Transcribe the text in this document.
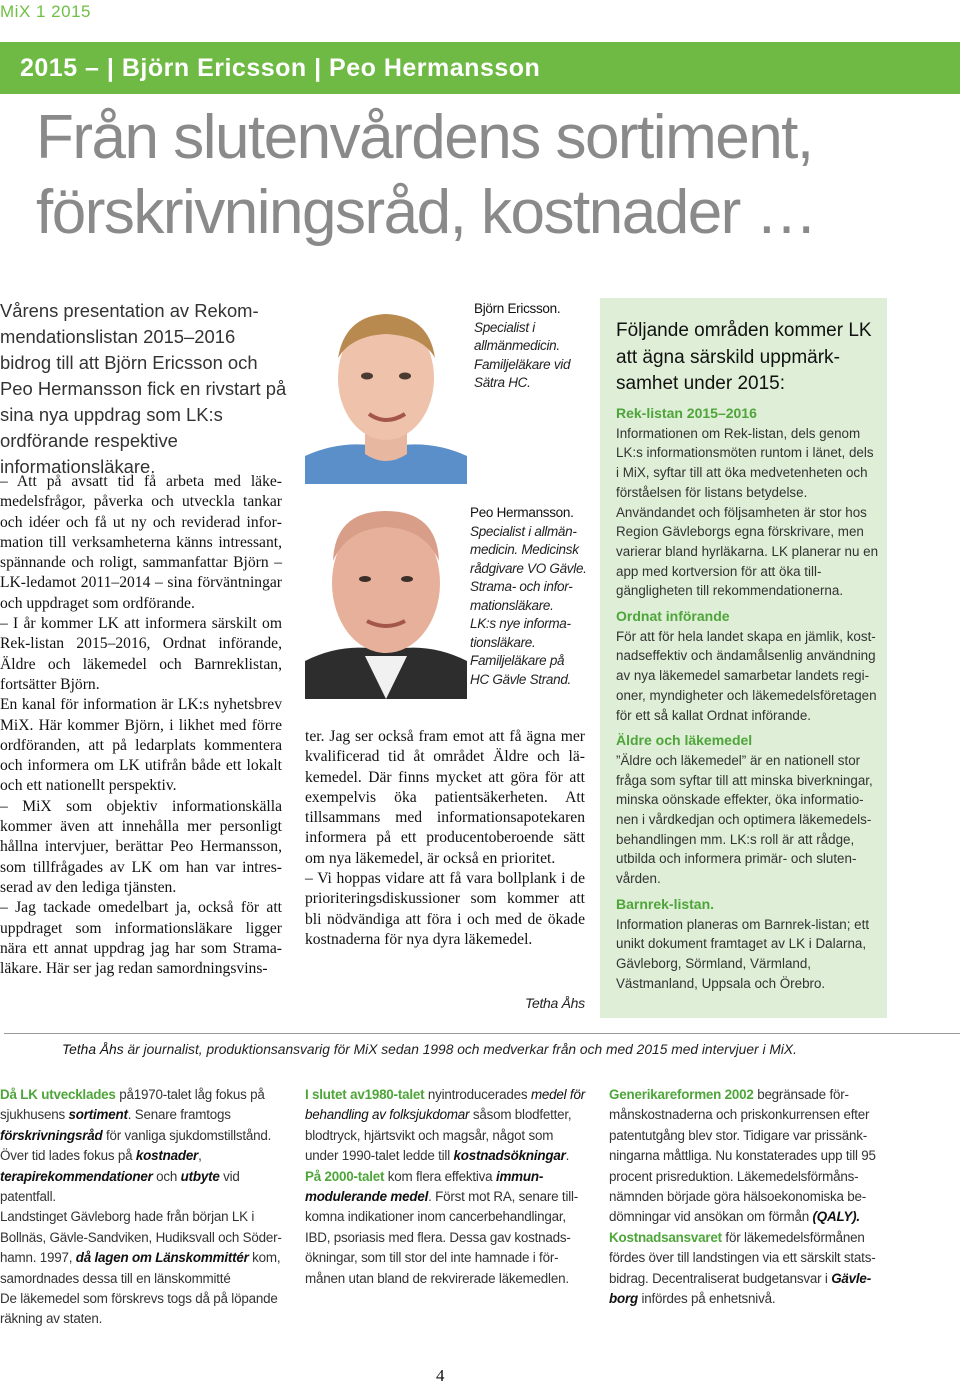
MiX 1 2015
2015 – | Björn Ericsson | Peo Hermansson
Från slutenvårdens sortiment,
förskrivningsråd, kostnader …
Vårens presentation av Rekommendationslistan 2015–2016 bidrog till att Björn Ericsson och Peo Hermansson fick en rivstart på sina nya uppdrag som LK:s ordförande respektive informationsläkare.

– Att på avsatt tid få arbeta med läkemedelsfrågor, påverka och utveckla tankar och idéer och få ut ny och reviderad information till verksamheterna känns intressant, spännande och roligt, sammanfattar Björn – LK-ledamot 2011–2014 – sina förväntningar och uppdraget som ordförande.

– I år kommer LK att informera särskilt om Rek-listan 2015–2016, Ordnat införande, Äldre och läkemedel och Barnreklistan, fortsätter Björn.

En kanal för information är LK:s nyhetsbrev MiX. Här kommer Björn, i likhet med förre ordföranden, att på ledarplats kommentera och informera om LK utifrån både ett lokalt och ett nationellt perspektiv.

– MiX som objektiv informationskälla kommer även att innehålla mer personligt hållna intervjuer, berättar Peo Hermansson, som tillfrågades av LK om han var intresserad av den lediga tjänsten.

– Jag tackade omedelbart ja, också för att uppdraget som informationsläkare ligger nära ett annat uppdrag jag har som Stramaläkare. Här ser jag redan samordningsvins-

Björn Ericsson.
Specialist i
allmänmedicin.
Familjeläkare vid
Sätra HC.
Peo Hermansson.
Specialist i allmän-
medicin. Medicinsk
rådgivare VO Gävle.
Strama- och infor-
mationsläkare.
LK:s nye informa-
tionsläkare.
Familjeläkare på
HC Gävle Strand.

ter. Jag ser också fram emot att få ägna mer kvalificerad tid åt området Äldre och läkemedel. Där finns mycket att göra för att exempelvis öka patientsäkerheten. Att tillsammans med informationsapotekaren informera på ett producentoberoende sätt om nya läkemedel, är också en prioritet.

– Vi hoppas vidare att få vara bollplank i de prioriteringsdiskussioner som kommer att bli nödvändiga att föra i och med de ökade kostnaderna för nya dyra läkemedel.

Tetha Åhs
Följande områden kommer LK att ägna särskild uppmärksamhet under 2015:
Rek-listan 2015–2016

Informationen om Rek-listan, dels genom LK:s informationsmöten runtom i länet, dels i MiX, syftar till att öka medvetenheten och förståelsen för listans betydelse. Användandet och följsamheten är stor hos Region Gävleborgs egna förskrivare, men varierar bland hyrläkarna. LK planerar nu en app med kortversion för att öka tillgängligheten till rekommendationerna.

Ordnat införande

För att för hela landet skapa en jämlik, kostnadseffektiv och ändamålsenlig användning av nya läkemedel samarbetar landets regioner, myndigheter och läkemedelsföretagen för ett så kallat Ordnat införande.

Äldre och läkemedel

”Äldre och läkemedel” är en nationell stor fråga som syftar till att minska biverkningar, minska oönskade effekter, öka informationen i vårdkedjan och optimera läkemedelsbehandlingen mm. LK:s roll är att rådge, utbilda och informera primär- och slutenvården.

Barnrek-listan.

Information planeras om Barnrek-listan; ett unikt dokument framtaget av LK i Dalarna, Gävleborg, Sörmland, Värmland, Västmanland, Uppsala och Örebro.

Tetha Åhs är journalist, produktionsansvarig för MiX sedan 1998 och medverkar från och med 2015 med intervjuer i MiX.

Då LK utvecklades på1970-talet låg fokus på sjukhusens sortiment. Senare framtogs förskrivningsråd för vanliga sjukdomstillstånd. Över tid lades fokus på kostnader, terapirekommendationer och utbyte vid patentfall.

Landstinget Gävleborg hade från början LK i Bollnäs, Gävle-Sandviken, Hudiksvall och Söderhamn. 1997, då lagen om Länskommittér kom, samordnades dessa till en länskommitté

De läkemedel som förskrevs togs då på löpande räkning av staten.

I slutet av1980-talet nyintroducerades medel för behandling av folksjukdomar såsom blodfetter, blodtryck, hjärtsvikt och magsår, något som under 1990-talet ledde till kostnadsökningar.

På 2000-talet kom flera effektiva immunmodulerande medel. Först mot RA, senare tillkomna indikationer inom cancerbehandlingar, IBD, psoriasis med flera. Dessa gav kostnadsökningar, som till stor del inte hamnade i förmånen utan bland de rekvirerade läkemedlen.

Generikareformen 2002 begränsade förmånskostnaderna och priskonkurrensen efter patentutgång blev stor. Tidigare var prissänkningarna måttliga. Nu konstaterades upp till 95 procent prisreduktion. Läkemedelsförmånsnämnden började göra hälsoekonomiska bedömningar vid ansökan om förmån (QALY).

Kostnadsansvaret för läkemedelsförmånen fördes över till landstingen via ett särskilt statsbidrag. Decentraliserat budgetansvar i Gävleborg infördes på enhetsnivå.

4
